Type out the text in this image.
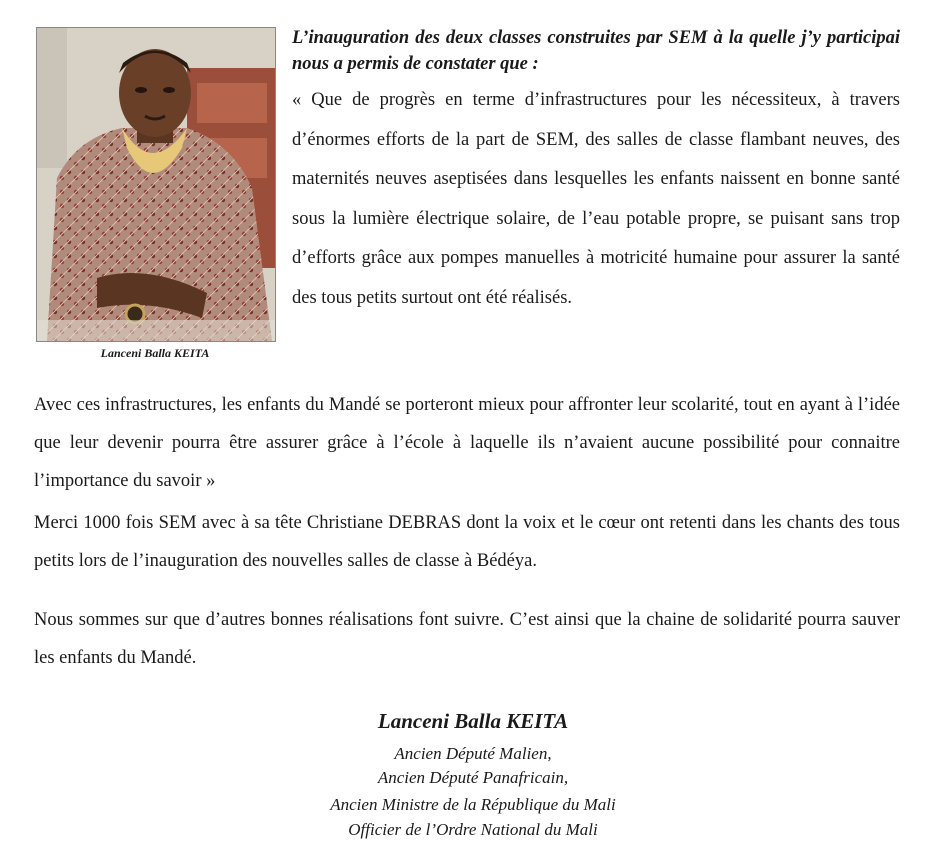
Lanceni Balla KEITA
L’inauguration des deux classes construites par SEM à la quelle j’y participai nous a permis de constater que :
« Que de progrès en terme d’infrastructures pour les nécessiteux, à travers d’énormes efforts de la part de SEM, des salles de classe flambant neuves, des maternités neuves aseptisées dans lesquelles les enfants naissent en bonne santé sous la lumière électrique solaire, de l’eau potable propre, se puisant sans trop d’efforts grâce aux pompes manuelles à motricité humaine pour assurer la santé des tous petits surtout ont été réalisés.
Avec ces infrastructures, les enfants du Mandé se porteront mieux pour affronter leur scolarité, tout en ayant à l’idée que leur devenir pourra être assurer grâce à l’école à laquelle ils n’avaient aucune possibilité pour connaitre l’importance du savoir »
Merci 1000 fois SEM avec à sa tête Christiane DEBRAS dont la voix et le cœur ont retenti dans les chants des tous petits lors de l’inauguration des nouvelles salles de classe à Bédéya.
Nous sommes sur que d’autres bonnes réalisations font suivre. C’est ainsi que la chaine de solidarité pourra sauver les enfants du Mandé.
Lanceni Balla KEITA
Ancien Député Malien,
Ancien Député Panafricain,
Ancien Ministre de la République du Mali
Officier de l’Ordre National du Mali
